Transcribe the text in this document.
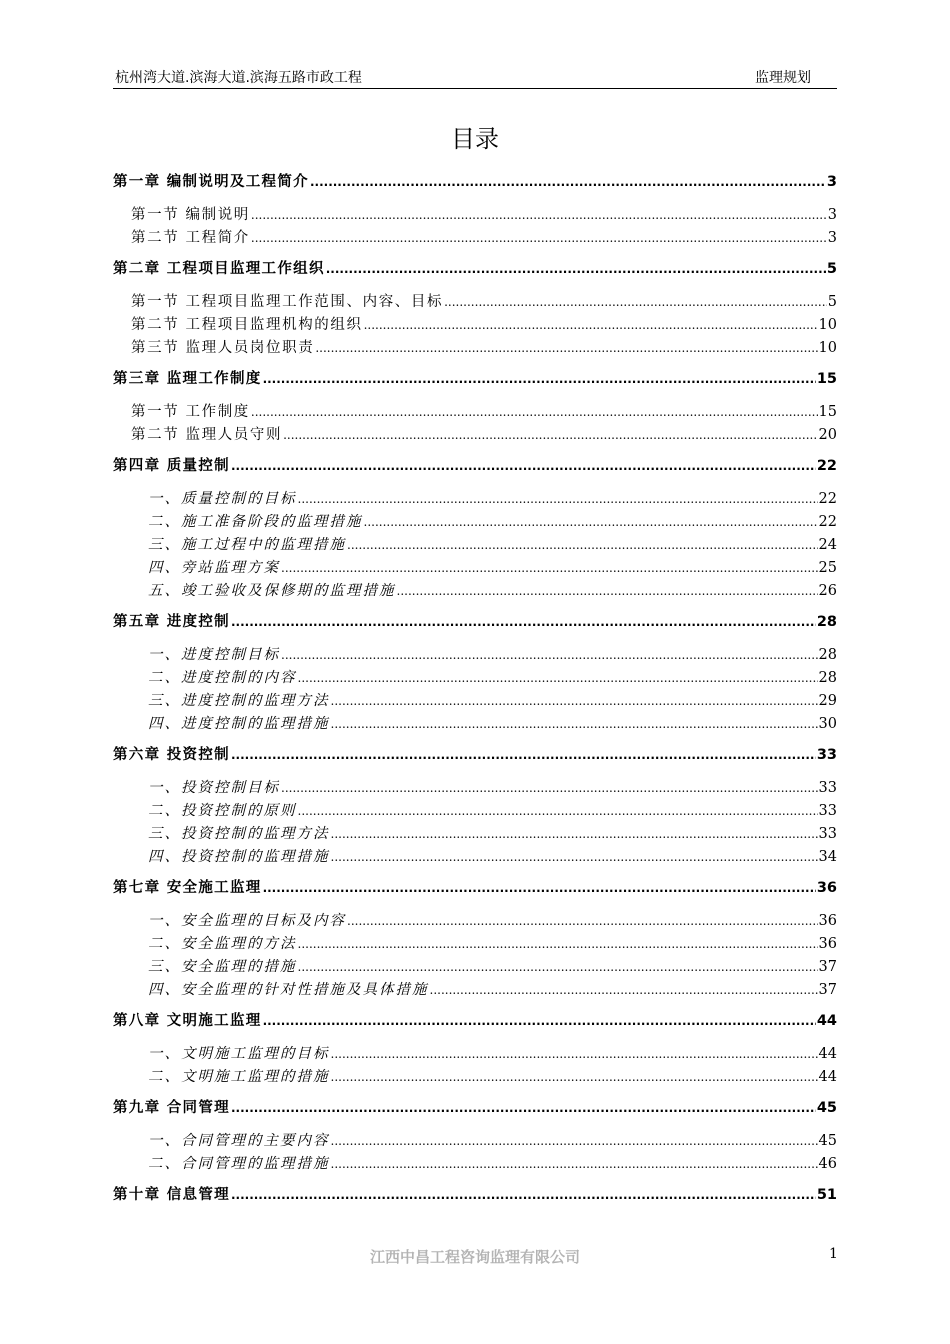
杭州湾大道.滨海大道.滨海五路市政工程	监理规划
目录
第一章 编制说明及工程简介 .....	3
第一节 编制说明 .....	3
第二节 工程简介 .....	3
第二章 工程项目监理工作组织 .....	5
第一节 工程项目监理工作范围、内容、目标 .....	5
第二节 工程项目监理机构的组织 .....	10
第三节 监理人员岗位职责 .....	10
第三章 监理工作制度 .....	15
第一节 工作制度 .....	15
第二节 监理人员守则 .....	20
第四章 质量控制 .....	22
一、质量控制的目标 .....	22
二、施工准备阶段的监理措施 .....	22
三、施工过程中的监理措施 .....	24
四、旁站监理方案 .....	25
五、竣工验收及保修期的监理措施 .....	26
第五章 进度控制 .....	28
一、进度控制目标 .....	28
二、进度控制的内容 .....	28
三、进度控制的监理方法 .....	29
四、进度控制的监理措施 .....	30
第六章 投资控制 .....	33
一、投资控制目标 .....	33
二、投资控制的原则 .....	33
三、投资控制的监理方法 .....	33
四、投资控制的监理措施 .....	34
第七章 安全施工监理 .....	36
一、安全监理的目标及内容 .....	36
二、安全监理的方法 .....	36
三、安全监理的措施 .....	37
四、安全监理的针对性措施及具体措施 .....	37
第八章 文明施工监理 .....	44
一、文明施工监理的目标 .....	44
二、文明施工监理的措施 .....	44
第九章 合同管理 .....	45
一、合同管理的主要内容 .....	45
二、合同管理的监理措施 .....	46
第十章 信息管理 .....	51
江西中昌工程咨询监理有限公司	1
